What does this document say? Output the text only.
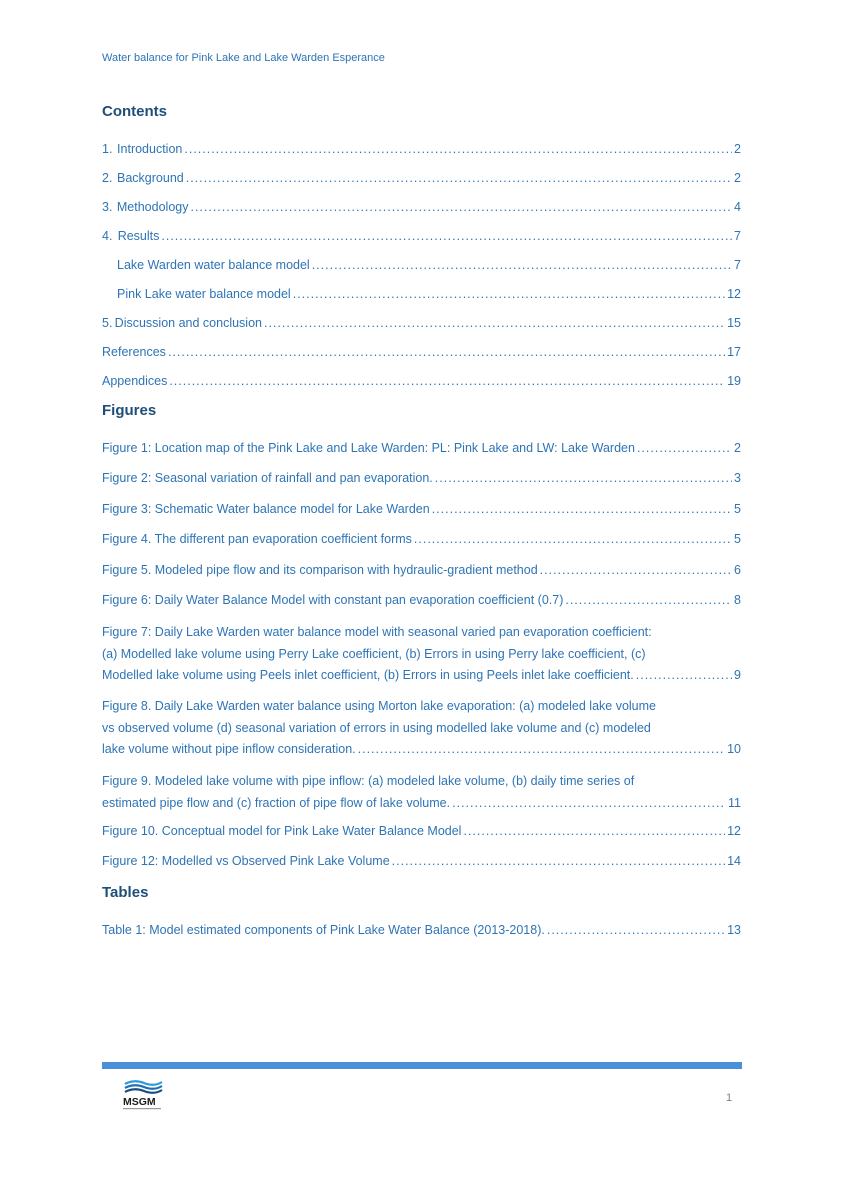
Water balance for Pink Lake and Lake Warden Esperance
Contents
1. Introduction .....	2
2. Background .....	2
3. Methodology .....	4
4. Results .....	7
Lake Warden water balance model .....	7
Pink Lake water balance model .....	12
5. Discussion and conclusion .....	15
References .....	17
Appendices .....	19
Figures
Figure 1: Location map of the Pink Lake and Lake Warden: PL: Pink Lake and LW: Lake Warden .....	2
Figure 2: Seasonal variation of rainfall and pan evaporation. .....	3
Figure 3: Schematic Water balance model for Lake Warden .....	5
Figure 4. The different pan evaporation coefficient forms .....	5
Figure 5. Modeled pipe flow and its comparison with hydraulic-gradient method .....	6
Figure 6: Daily Water Balance Model with constant pan evaporation coefficient (0.7) .....	8
Figure 7: Daily Lake Warden water balance model with seasonal varied pan evaporation coefficient:
(a) Modelled lake volume using Perry Lake coefficient, (b) Errors in using Perry lake coefficient, (c)
Modelled lake volume using Peels inlet coefficient, (b) Errors in using Peels inlet lake coefficient. .....	9
Figure 8. Daily Lake Warden water balance using Morton lake evaporation: (a) modeled lake volume
vs observed volume (d) seasonal variation of errors in using modelled lake volume and (c) modeled
lake volume without pipe inflow consideration. .....	10
Figure 9. Modeled lake volume with pipe inflow: (a) modeled lake volume, (b) daily time series of
estimated pipe flow and (c) fraction of pipe flow of lake volume. .....	11
Figure 10. Conceptual model for Pink Lake Water Balance Model .....	12
Figure 12: Modelled vs Observed Pink Lake Volume .....	14
Tables
Table 1: Model estimated components of Pink Lake Water Balance (2013-2018). .....	13
MSGM	1
